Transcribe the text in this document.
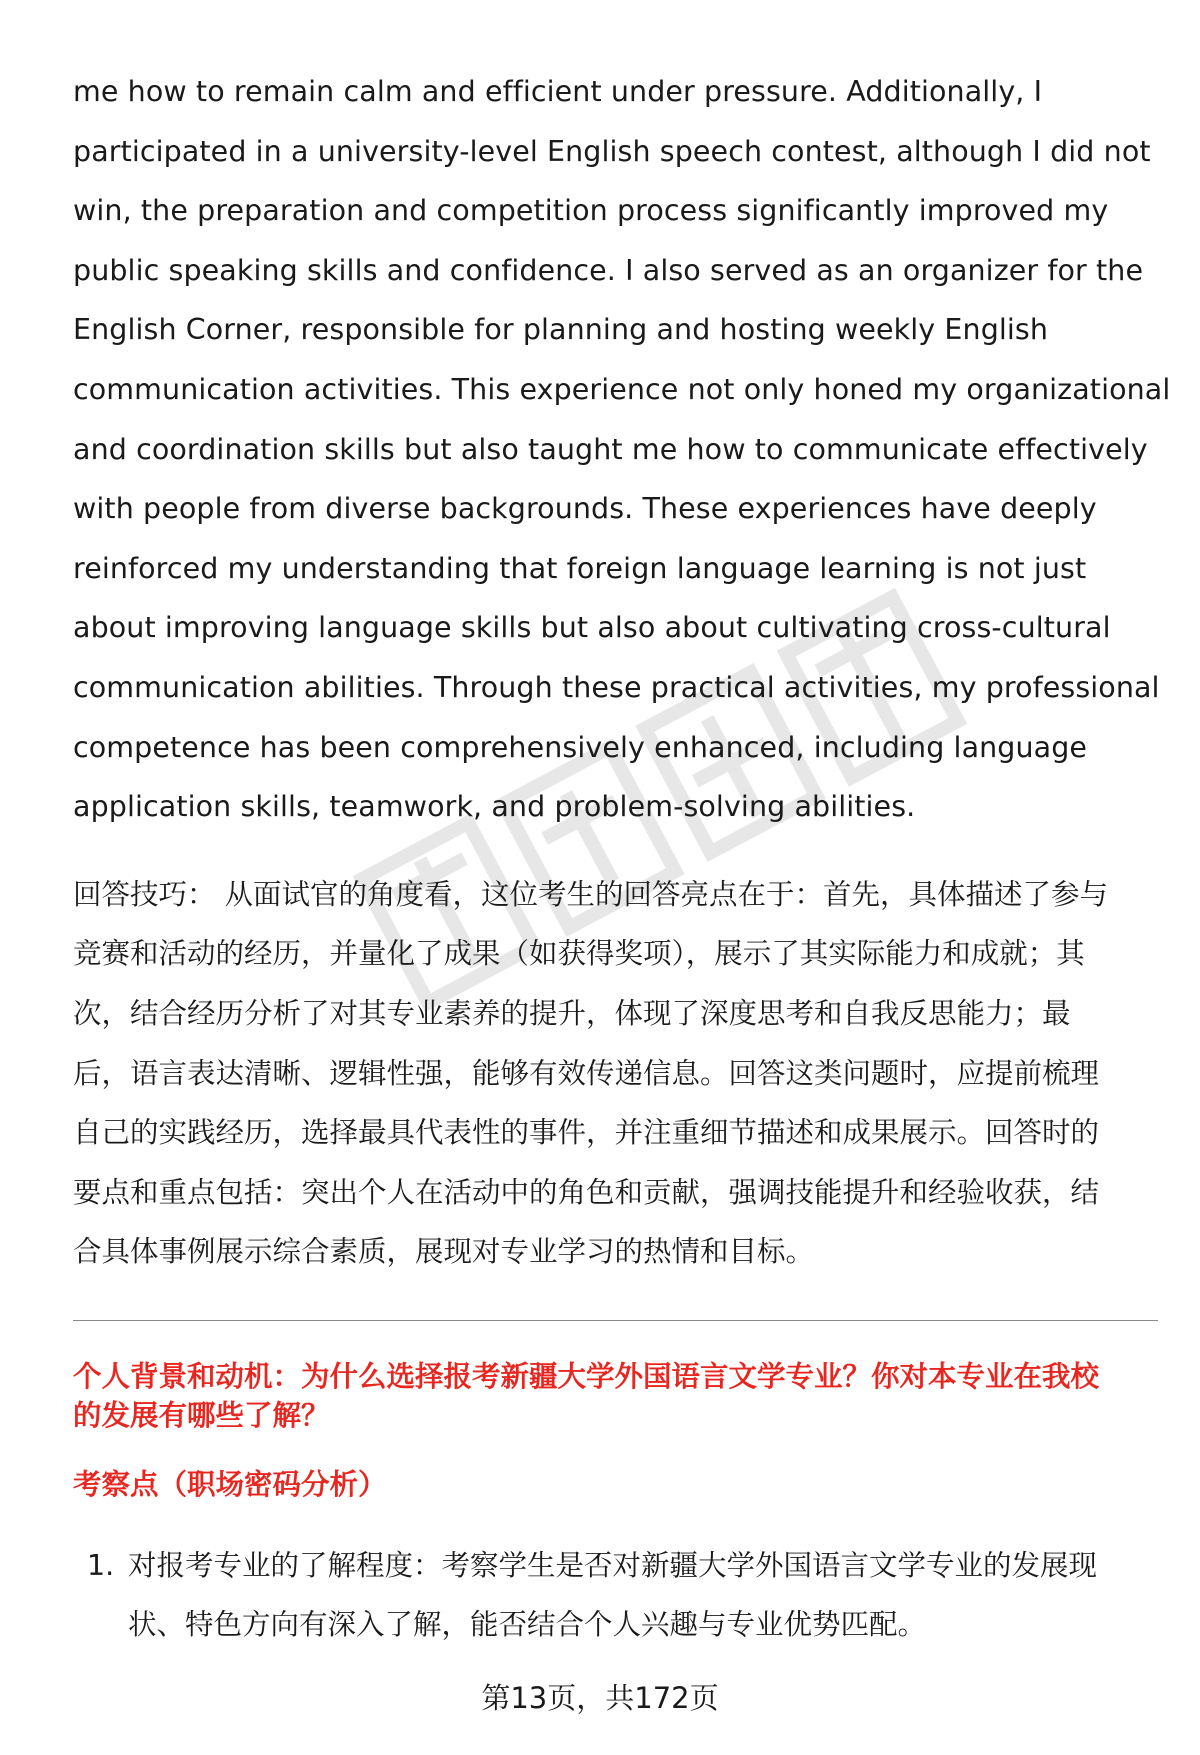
me how to remain calm and efficient under pressure. Additionally, I
participated in a university-level English speech contest, although I did not
win, the preparation and competition process significantly improved my
public speaking skills and confidence. I also served as an organizer for the
English Corner, responsible for planning and hosting weekly English
communication activities. This experience not only honed my organizational
and coordination skills but also taught me how to communicate effectively
with people from diverse backgrounds. These experiences have deeply
reinforced my understanding that foreign language learning is not just
about improving language skills but also about cultivating cross-cultural
communication abilities. Through these practical activities, my professional
competence has been comprehensively enhanced, including language
application skills, teamwork, and problem-solving abilities.

回答技巧： 从面试官的角度看，这位考生的回答亮点在于：首先，具体描述了参与
竞赛和活动的经历，并量化了成果（如获得奖项），展示了其实际能力和成就；其
次，结合经历分析了对其专业素养的提升，体现了深度思考和自我反思能力；最
后，语言表达清晰、逻辑性强，能够有效传递信息。回答这类问题时，应提前梳理
自己的实践经历，选择最具代表性的事件，并注重细节描述和成果展示。回答时的
要点和重点包括：突出个人在活动中的角色和贡献，强调技能提升和经验收获，结
合具体事例展示综合素质，展现对专业学习的热情和目标。

个人背景和动机：为什么选择报考新疆大学外国语言文学专业？你对本专业在我校
的发展有哪些了解？
考察点（职场密码分析）
1. 对报考专业的了解程度：考察学生是否对新疆大学外国语言文学专业的发展现
状、特色方向有深入了解，能否结合个人兴趣与专业优势匹配。
第13页，共172页
